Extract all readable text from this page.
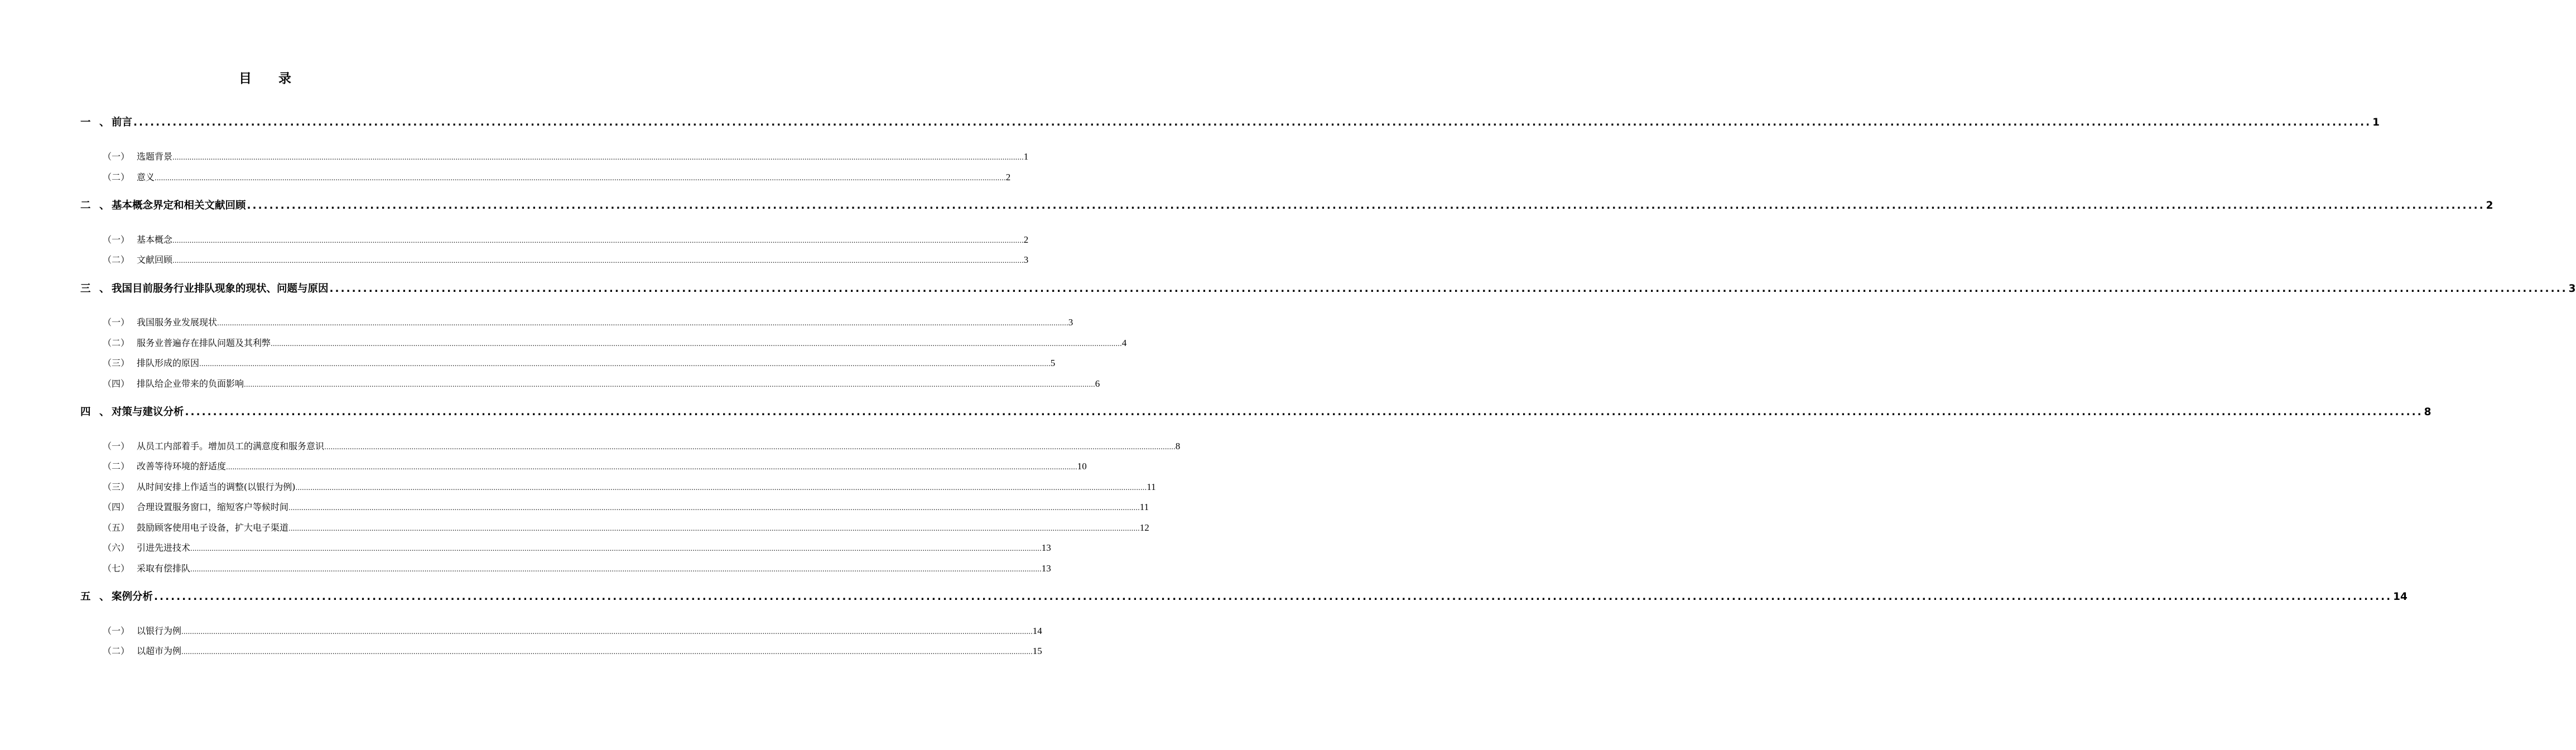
目 录
一 、 前言 ................................................................................................................................................................................................................................................................................................................................................................................................................ 1
（一） 选题背景 ................................................................................................................................................................................................................................................................................................................................................................................................................ 1
（二） 意义 ................................................................................................................................................................................................................................................................................................................................................................................................................ 2
二 、 基本概念界定和相关文献回顾 ................................................................................................................................................................................................................................................................................................................................................................................................................ 2
（一） 基本概念 ................................................................................................................................................................................................................................................................................................................................................................................................................ 2
（二） 文献回顾 ................................................................................................................................................................................................................................................................................................................................................................................................................ 3
三 、 我国目前服务行业排队现象的现状、问题与原因 ................................................................................................................................................................................................................................................................................................................................................................................................................ 3
（一） 我国服务业发展现状 ................................................................................................................................................................................................................................................................................................................................................................................................................ 3
（二） 服务业普遍存在排队问题及其利弊 ................................................................................................................................................................................................................................................................................................................................................................................................................ 4
（三） 排队形成的原因 ................................................................................................................................................................................................................................................................................................................................................................................................................ 5
（四） 排队给企业带来的负面影响 ................................................................................................................................................................................................................................................................................................................................................................................................................ 6
四 、 对策与建议分析 ................................................................................................................................................................................................................................................................................................................................................................................................................ 8
（一） 从员工内部着手。增加员工的满意度和服务意识 ................................................................................................................................................................................................................................................................................................................................................................................................................ 8
（二） 改善等待环境的舒适度 ................................................................................................................................................................................................................................................................................................................................................................................................................ 10
（三） 从时间安排上作适当的调整(以银行为例) ................................................................................................................................................................................................................................................................................................................................................................................................................ 11
（四） 合理设置服务窗口，缩短客户等候时间 ................................................................................................................................................................................................................................................................................................................................................................................................................ 11
（五） 鼓励顾客使用电子设备，扩大电子渠道 ................................................................................................................................................................................................................................................................................................................................................................................................................ 12
（六） 引进先进技术 ................................................................................................................................................................................................................................................................................................................................................................................................................ 13
（七） 采取有偿排队 ................................................................................................................................................................................................................................................................................................................................................................................................................ 13
五 、 案例分析 ................................................................................................................................................................................................................................................................................................................................................................................................................ 14
（一） 以银行为例 ................................................................................................................................................................................................................................................................................................................................................................................................................ 14
（二） 以超市为例 ................................................................................................................................................................................................................................................................................................................................................................................................................ 15
